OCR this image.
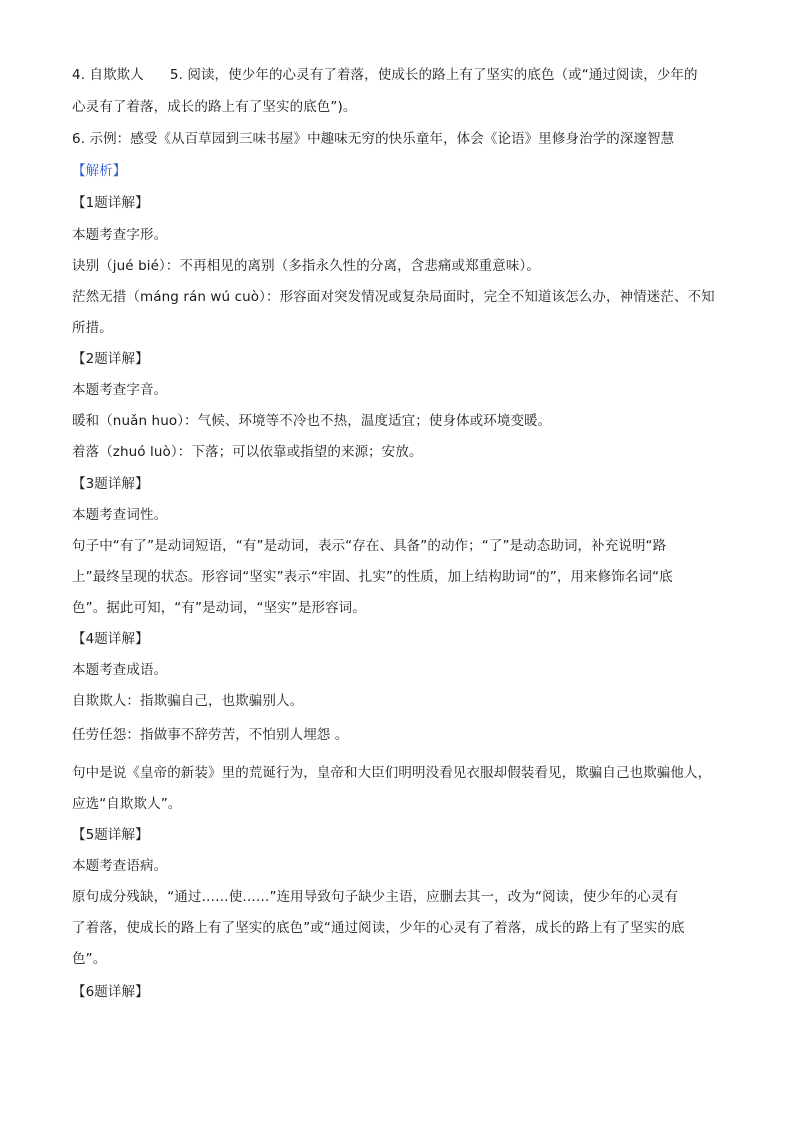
4. 自欺欺人 5. 阅读，使少年的心灵有了着落，使成长的路上有了坚实的底色（或“通过阅读，少年的
心灵有了着落，成长的路上有了坚实的底色”)。
6. 示例：感受《从百草园到三味书屋》中趣味无穷的快乐童年，体会《论语》里修身治学的深邃智慧
【解析】
【1题详解】
本题考查字形。
诀别（jué bié）：不再相见的离别（多指永久性的分离，含悲痛或郑重意味）。
茫然无措（máng rán wú cuò）：形容面对突发情况或复杂局面时，完全不知道该怎么办，神情迷茫、不知
所措。
【2题详解】
本题考查字音。
暖和（nuǎn huo）：气候、环境等不冷也不热，温度适宜；使身体或环境变暖。
着落（zhuó luò）：下落；可以依靠或指望的来源；安放。
【3题详解】
本题考查词性。
句子中“有了”是动词短语，“有”是动词，表示“存在、具备”的动作；“了”是动态助词，补充说明“路
上”最终呈现的状态。形容词“坚实”表示“牢固、扎实”的性质，加上结构助词“的”，用来修饰名词“底
色”。据此可知，“有”是动词，“坚实”是形容词。
【4题详解】
本题考查成语。
自欺欺人：指欺骗自己，也欺骗别人。
任劳任怨：指做事不辞劳苦，不怕别人埋怨 。
句中是说《皇帝的新装》里的荒诞行为，皇帝和大臣们明明没看见衣服却假装看见，欺骗自己也欺骗他人，
应选“自欺欺人”。
【5题详解】
本题考查语病。
原句成分残缺，“通过……使……”连用导致句子缺少主语，应删去其一，改为“阅读，使少年的心灵有
了着落，使成长的路上有了坚实的底色”或“通过阅读，少年的心灵有了着落，成长的路上有了坚实的底
色”。
【6题详解】
